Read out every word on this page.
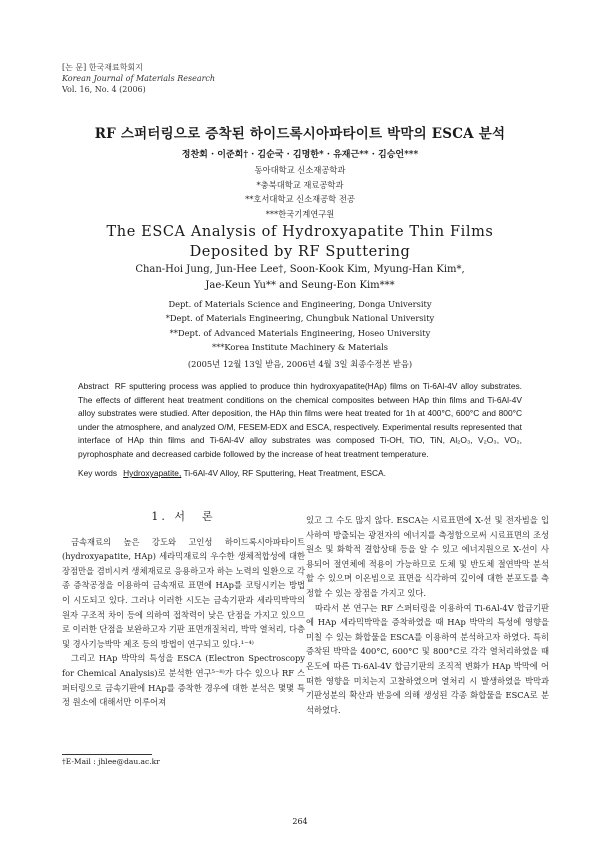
[논 문] 한국재료학회지
Korean Journal of Materials Research
Vol. 16, No. 4 (2006)
RF 스퍼터링으로 증착된 하이드록시아파타이트 박막의 ESCA 분석
정찬회 · 이준희† · 김순국 · 김명한* · 유재근** · 김승언***
동아대학교 신소재공학과
*충북대학교 재료공학과
**호서대학교 신소재공학 전공
***한국기계연구원
The ESCA Analysis of Hydroxyapatite Thin Films
Deposited by RF Sputtering
Chan-Hoi Jung, Jun-Hee Lee†, Soon-Kook Kim, Myung-Han Kim*,
Jae-Keun Yu** and Seung-Eon Kim***
Dept. of Materials Science and Engineering, Donga University
*Dept. of Materials Engineering, Chungbuk National University
**Dept. of Advanced Materials Engineering, Hoseo University
***Korea Institute Machinery & Materials
(2005년 12월 13일 받음, 2006년 4월 3일 최종수정본 받음)
Abstract RF sputtering process was applied to produce thin hydroxyapatite(HAp) films on Ti-6Al-4V alloy substrates. The effects of different heat treatment conditions on the chemical composites between HAp thin films and Ti-6Al-4V alloy substrates were studied. After deposition, the HAp thin films were heat treated for 1h at 400°C, 600°C and 800°C under the atmosphere, and analyzed O/M, FESEM-EDX and ESCA, respectively. Experimental results represented that interface of HAp thin films and Ti-6Al-4V alloy substrates was composed Ti-OH, TiO, TiN, Al₂O₃, V₂O₃, VO₂, pyrophosphate and decreased carbide followed by the increase of heat treatment temperature.
Key words Hydroxyapatite, Ti-6Al-4V Alloy, RF Sputtering, Heat Treatment, ESCA.
1. 서　론

금속재료의 높은 강도와 고인성 하이드록시아파타이트(hydroxyapatite, HAp) 세라믹재료의 우수한 생체적합성에 대한 장점만을 겸비시켜 생체재료로 응용하고자 하는 노력의 일환으로 각종 증착공정을 이용하여 금속재료 표면에 HAp를 코팅시키는 방법이 시도되고 있다. 그러나 이러한 시도는 금속기판과 세라믹박막의 원자 구조적 차이 등에 의하여 접착력이 낮은 단점을 가지고 있으므로 이러한 단점을 보완하고자 기판 표면개질처리, 박막 열처리, 다층 및 경사기능박막 제조 등의 방법이 연구되고 있다.¹⁻⁴⁾

그리고 HAp 박막의 특성을 ESCA (Electron Spectroscopy for Chemical Analysis)로 분석한 연구⁵⁻⁸⁾가 다수 있으나 RF 스퍼터링으로 금속기판에 HAp를 증착한 경우에 대한 분석은 몇몇 특정 원소에 대해서만 이루어져

있고 그 수도 많지 않다. ESCA는 시료표면에 X-선 및 전자빔을 입사하여 방출되는 광전자의 에너지를 측정함으로써 시료표면의 조성원소 및 화학적 결합상태 등을 알 수 있고 에너지원으로 X-선이 사용되어 절연체에 적용이 가능하므로 도체 및 반도체 절연박막 분석할 수 있으며 이온빔으로 표면을 식각하여 깊이에 대한 분포도를 측정할 수 있는 장점을 가지고 있다.

따라서 본 연구는 RF 스퍼터링을 이용하여 Ti-6Al-4V 합금기판에 HAp 세라믹박막을 증착하였을 때 HAp 박막의 특성에 영향을 미칠 수 있는 화합물을 ESCA를 이용하여 분석하고자 하였다. 특히 증착된 박막을 400°C, 600°C 및 800°C로 각각 열처리하였을 때 온도에 따른 Ti-6Al-4V 합금기판의 조직적 변화가 HAp 박막에 어떠한 영향을 미치는지 고찰하였으며 열처리 시 발생하였을 박막과 기판성분의 확산과 반응에 의해 생성된 각종 화합물을 ESCA로 분석하였다.

†E-Mail : jhlee@dau.ac.kr
264
